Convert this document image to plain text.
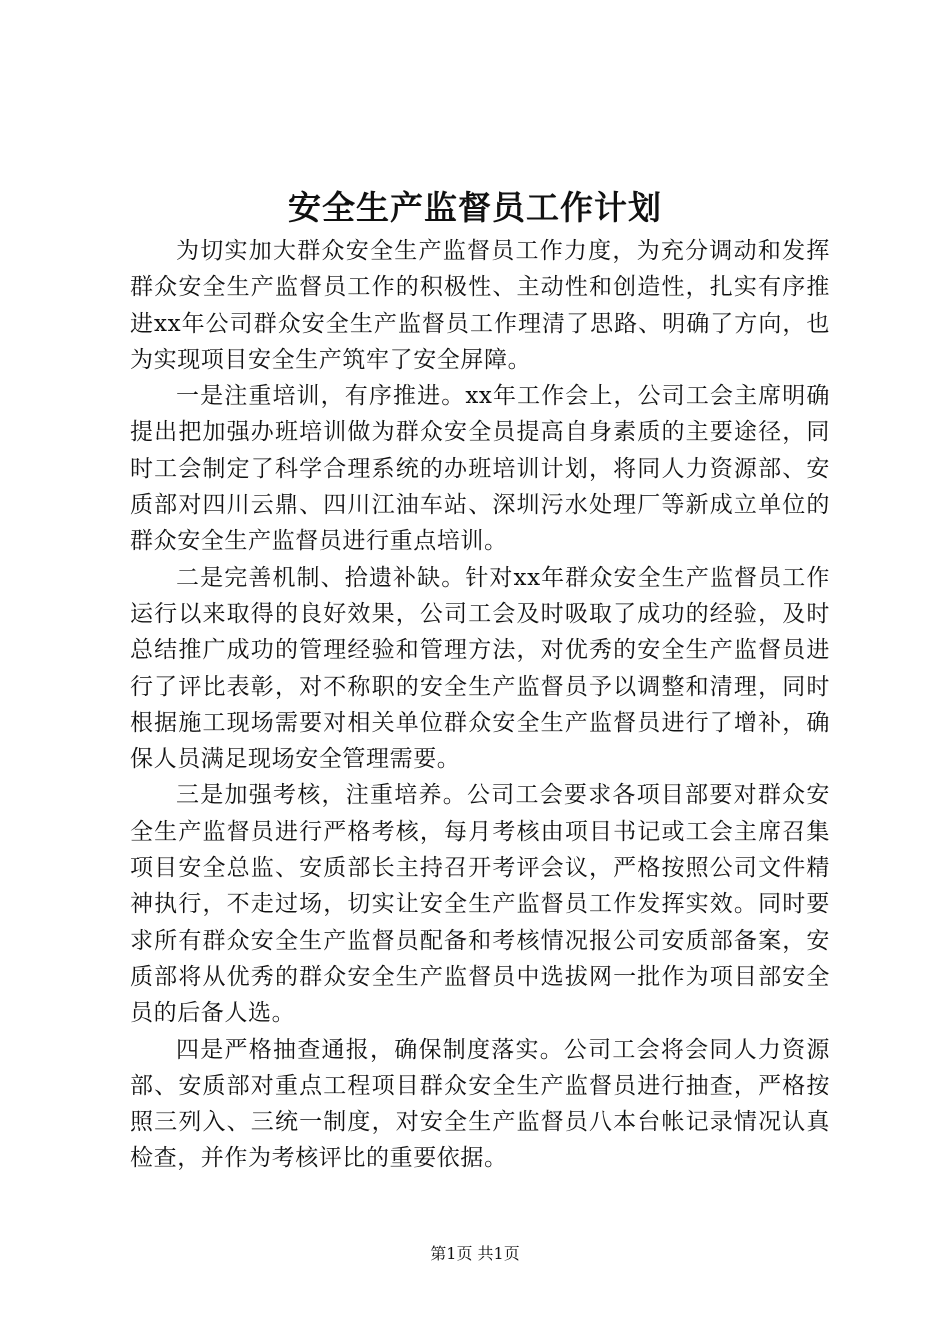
安全生产监督员工作计划

为切实加大群众安全生产监督员工作力度，为充分调动和发挥群众安全生产监督员工作的积极性、主动性和创造性，扎实有序推进xx年公司群众安全生产监督员工作理清了思路、明确了方向，也为实现项目安全生产筑牢了安全屏障。

一是注重培训，有序推进。xx年工作会上，公司工会主席明确提出把加强办班培训做为群众安全员提高自身素质的主要途径，同时工会制定了科学合理系统的办班培训计划，将同人力资源部、安质部对四川云鼎、四川江油车站、深圳污水处理厂等新成立单位的群众安全生产监督员进行重点培训。

二是完善机制、拾遗补缺。针对xx年群众安全生产监督员工作运行以来取得的良好效果，公司工会及时吸取了成功的经验，及时总结推广成功的管理经验和管理方法，对优秀的安全生产监督员进行了评比表彰，对不称职的安全生产监督员予以调整和清理，同时根据施工现场需要对相关单位群众安全生产监督员进行了增补，确保人员满足现场安全管理需要。

三是加强考核，注重培养。公司工会要求各项目部要对群众安全生产监督员进行严格考核，每月考核由项目书记或工会主席召集项目安全总监、安质部长主持召开考评会议，严格按照公司文件精神执行，不走过场，切实让安全生产监督员工作发挥实效。同时要求所有群众安全生产监督员配备和考核情况报公司安质部备案，安质部将从优秀的群众安全生产监督员中选拔网一批作为项目部安全员的后备人选。

四是严格抽查通报，确保制度落实。公司工会将会同人力资源部、安质部对重点工程项目群众安全生产监督员进行抽查，严格按照三列入、三统一制度，对安全生产监督员八本台帐记录情况认真检查，并作为考核评比的重要依据。

第1页 共1页
